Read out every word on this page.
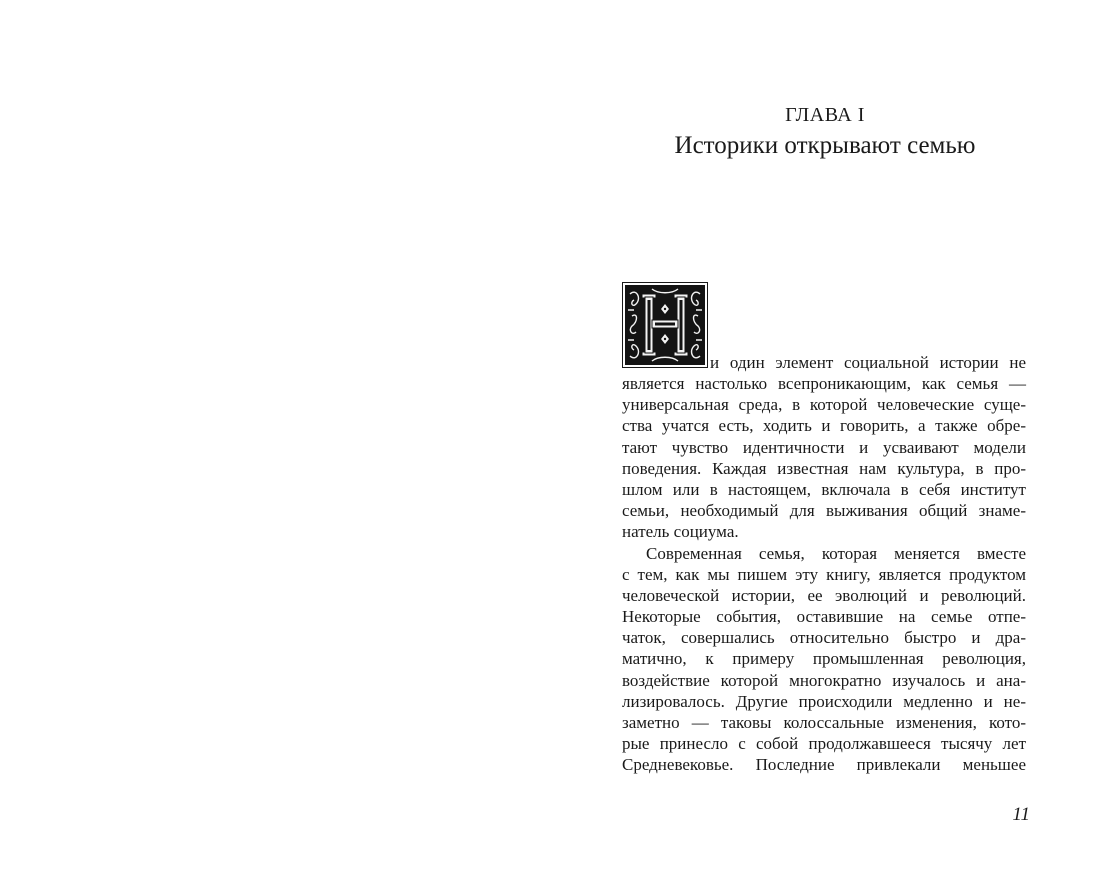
ГЛАВА I
Историки открывают семью
и один элемент социальной истории не
является настолько всепроникающим, как семья —
универсальная среда, в которой человеческие суще-
ства учатся есть, ходить и говорить, а также обре-
тают чувство идентичности и усваивают модели
поведения. Каждая известная нам культура, в про-
шлом или в настоящем, включала в себя институт
семьи, необходимый для выживания общий знаме-
натель социума.
Современная семья, которая меняется вместе
с тем, как мы пишем эту книгу, является продуктом
человеческой истории, ее эволюций и революций.
Некоторые события, оставившие на семье отпе-
чаток, совершались относительно быстро и дра-
матично, к примеру промышленная революция,
воздействие которой многократно изучалось и ана-
лизировалось. Другие происходили медленно и не-
заметно — таковы колоссальные изменения, кото-
рые принесло с собой продолжавшееся тысячу лет
Средневековье. Последние привлекали меньшее
11
